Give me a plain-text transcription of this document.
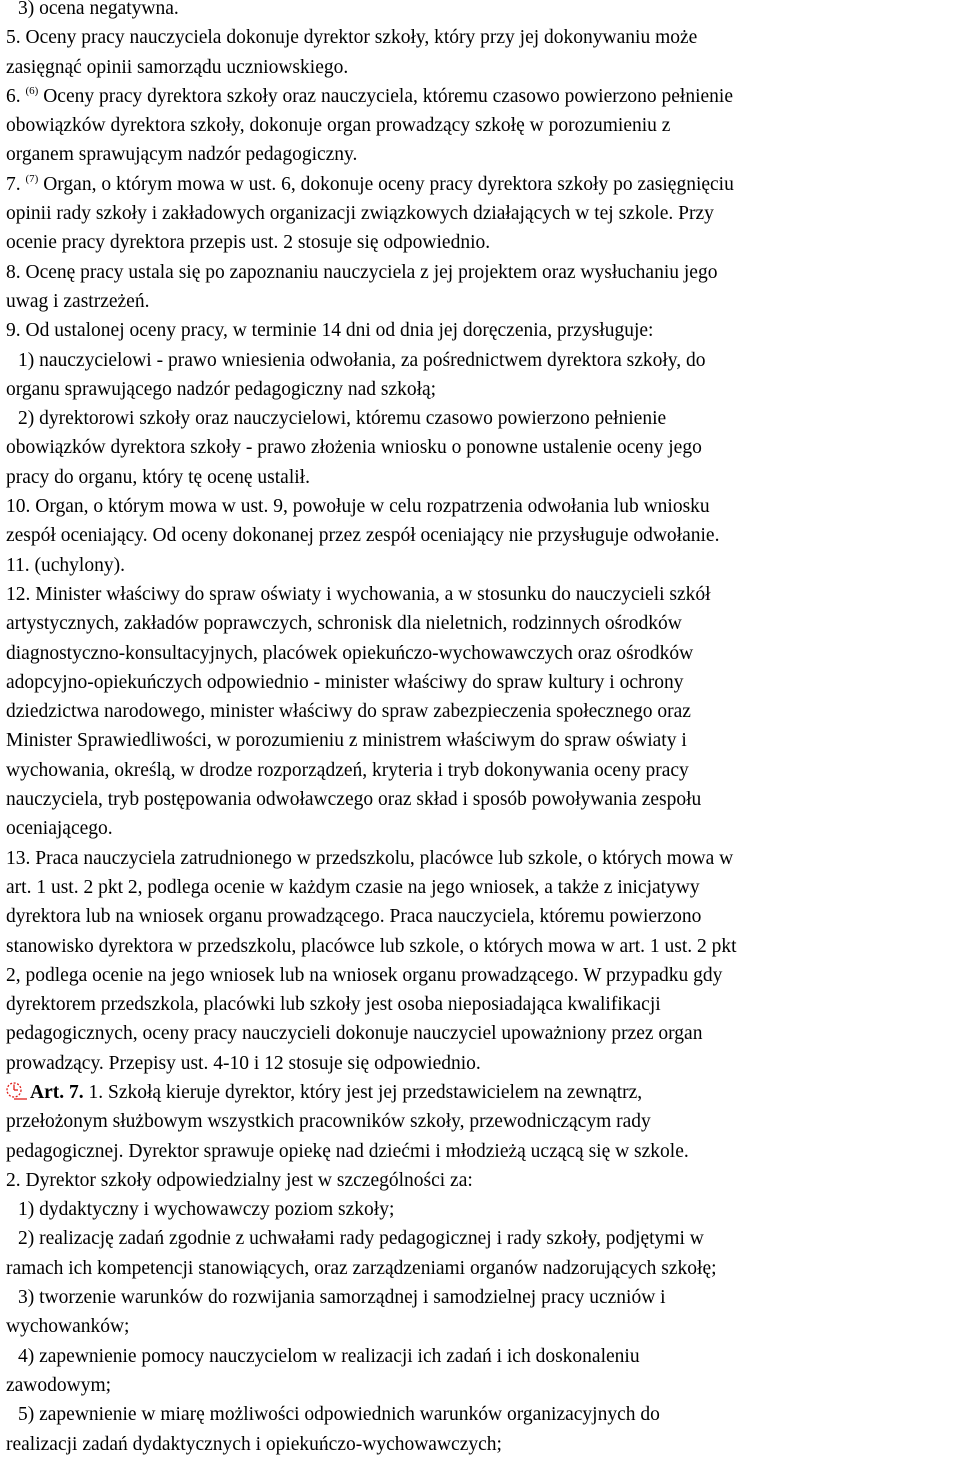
3) ocena negatywna.

5. Oceny pracy nauczyciela dokonuje dyrektor szkoły, który przy jej dokonywaniu może

zasięgnąć opinii samorządu uczniowskiego.

6. $^{(6)}$ Oceny pracy dyrektora szkoły oraz nauczyciela, któremu czasowo powierzono pełnienie

obowiązków dyrektora szkoły, dokonuje organ prowadzący szkołę w porozumieniu z

organem sprawującym nadzór pedagogiczny.

7. $^{(7)}$ Organ, o którym mowa w ust. 6, dokonuje oceny pracy dyrektora szkoły po zasięgnięciu

opinii rady szkoły i zakładowych organizacji związkowych działających w tej szkole. Przy

ocenie pracy dyrektora przepis ust. 2 stosuje się odpowiednio.

8. Ocenę pracy ustala się po zapoznaniu nauczyciela z jej projektem oraz wysłuchaniu jego

uwag i zastrzeżeń.

9. Od ustalonej oceny pracy, w terminie 14 dni od dnia jej doręczenia, przysługuje:

1) nauczycielowi - prawo wniesienia odwołania, za pośrednictwem dyrektora szkoły, do

organu sprawującego nadzór pedagogiczny nad szkołą;

2) dyrektorowi szkoły oraz nauczycielowi, któremu czasowo powierzono pełnienie

obowiązków dyrektora szkoły - prawo złożenia wniosku o ponowne ustalenie oceny jego

pracy do organu, który tę ocenę ustalił.

10. Organ, o którym mowa w ust. 9, powołuje w celu rozpatrzenia odwołania lub wniosku

zespół oceniający. Od oceny dokonanej przez zespół oceniający nie przysługuje odwołanie.

11. (uchylony).

12. Minister właściwy do spraw oświaty i wychowania, a w stosunku do nauczycieli szkół

artystycznych, zakładów poprawczych, schronisk dla nieletnich, rodzinnych ośrodków

diagnostyczno-konsultacyjnych, placówek opiekuńczo-wychowawczych oraz ośrodków

adopcyjno-opiekuńczych odpowiednio - minister właściwy do spraw kultury i ochrony

dziedzictwa narodowego, minister właściwy do spraw zabezpieczenia społecznego oraz

Minister Sprawiedliwości, w porozumieniu z ministrem właściwym do spraw oświaty i

wychowania, określą, w drodze rozporządzeń, kryteria i tryb dokonywania oceny pracy

nauczyciela, tryb postępowania odwoławczego oraz skład i sposób powoływania zespołu

oceniającego.

13. Praca nauczyciela zatrudnionego w przedszkolu, placówce lub szkole, o których mowa w

art. 1 ust. 2 pkt 2, podlega ocenie w każdym czasie na jego wniosek, a także z inicjatywy

dyrektora lub na wniosek organu prowadzącego. Praca nauczyciela, któremu powierzono

stanowisko dyrektora w przedszkolu, placówce lub szkole, o których mowa w art. 1 ust. 2 pkt

2, podlega ocenie na jego wniosek lub na wniosek organu prowadzącego. W przypadku gdy

dyrektorem przedszkola, placówki lub szkoły jest osoba nieposiadająca kwalifikacji

pedagogicznych, oceny pracy nauczycieli dokonuje nauczyciel upoważniony przez organ

prowadzący. Przepisy ust. 4-10 i 12 stosuje się odpowiednio.

Art. 7. 1. Szkołą kieruje dyrektor, który jest jej przedstawicielem na zewnątrz,

przełożonym służbowym wszystkich pracowników szkoły, przewodniczącym rady

pedagogicznej. Dyrektor sprawuje opiekę nad dziećmi i młodzieżą uczącą się w szkole.

2. Dyrektor szkoły odpowiedzialny jest w szczególności za:

1) dydaktyczny i wychowawczy poziom szkoły;

2) realizację zadań zgodnie z uchwałami rady pedagogicznej i rady szkoły, podjętymi w

ramach ich kompetencji stanowiących, oraz zarządzeniami organów nadzorujących szkołę;

3) tworzenie warunków do rozwijania samorządnej i samodzielnej pracy uczniów i

wychowanków;

4) zapewnienie pomocy nauczycielom w realizacji ich zadań i ich doskonaleniu

zawodowym;

5) zapewnienie w miarę możliwości odpowiednich warunków organizacyjnych do

realizacji zadań dydaktycznych i opiekuńczo-wychowawczych;
